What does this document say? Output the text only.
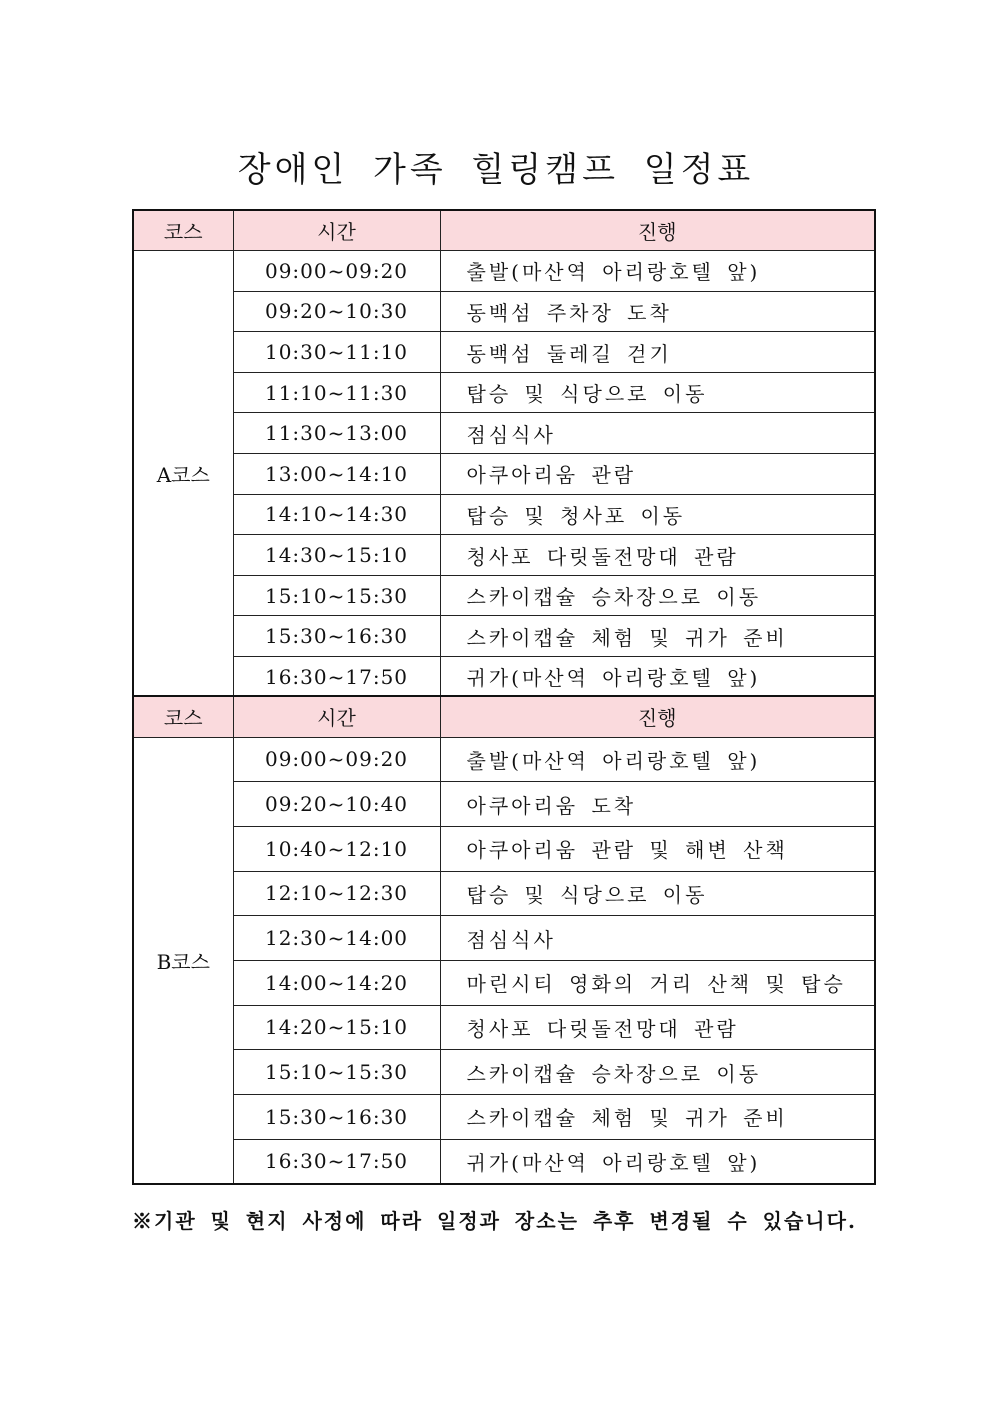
장애인 가족 힐링캠프 일정표
코스	시간	진행
A코스	09:00~09:20	출발(마산역 아리랑호텔 앞)
	09:20~10:30	동백섬 주차장 도착
	10:30~11:10	동백섬 둘레길 걷기
	11:10~11:30	탑승 및 식당으로 이동
	11:30~13:00	점심식사
	13:00~14:10	아쿠아리움 관람
	14:10~14:30	탑승 및 청사포 이동
	14:30~15:10	청사포 다릿돌전망대 관람
	15:10~15:30	스카이캡슐 승차장으로 이동
	15:30~16:30	스카이캡슐 체험 및 귀가 준비
	16:30~17:50	귀가(마산역 아리랑호텔 앞)
코스	시간	진행
B코스	09:00~09:20	출발(마산역 아리랑호텔 앞)
	09:20~10:40	아쿠아리움 도착
	10:40~12:10	아쿠아리움 관람 및 해변 산책
	12:10~12:30	탑승 및 식당으로 이동
	12:30~14:00	점심식사
	14:00~14:20	마린시티 영화의 거리 산책 및 탑승
	14:20~15:10	청사포 다릿돌전망대 관람
	15:10~15:30	스카이캡슐 승차장으로 이동
	15:30~16:30	스카이캡슐 체험 및 귀가 준비
	16:30~17:50	귀가(마산역 아리랑호텔 앞)

※기관 및 현지 사정에 따라 일정과 장소는 추후 변경될 수 있습니다.
